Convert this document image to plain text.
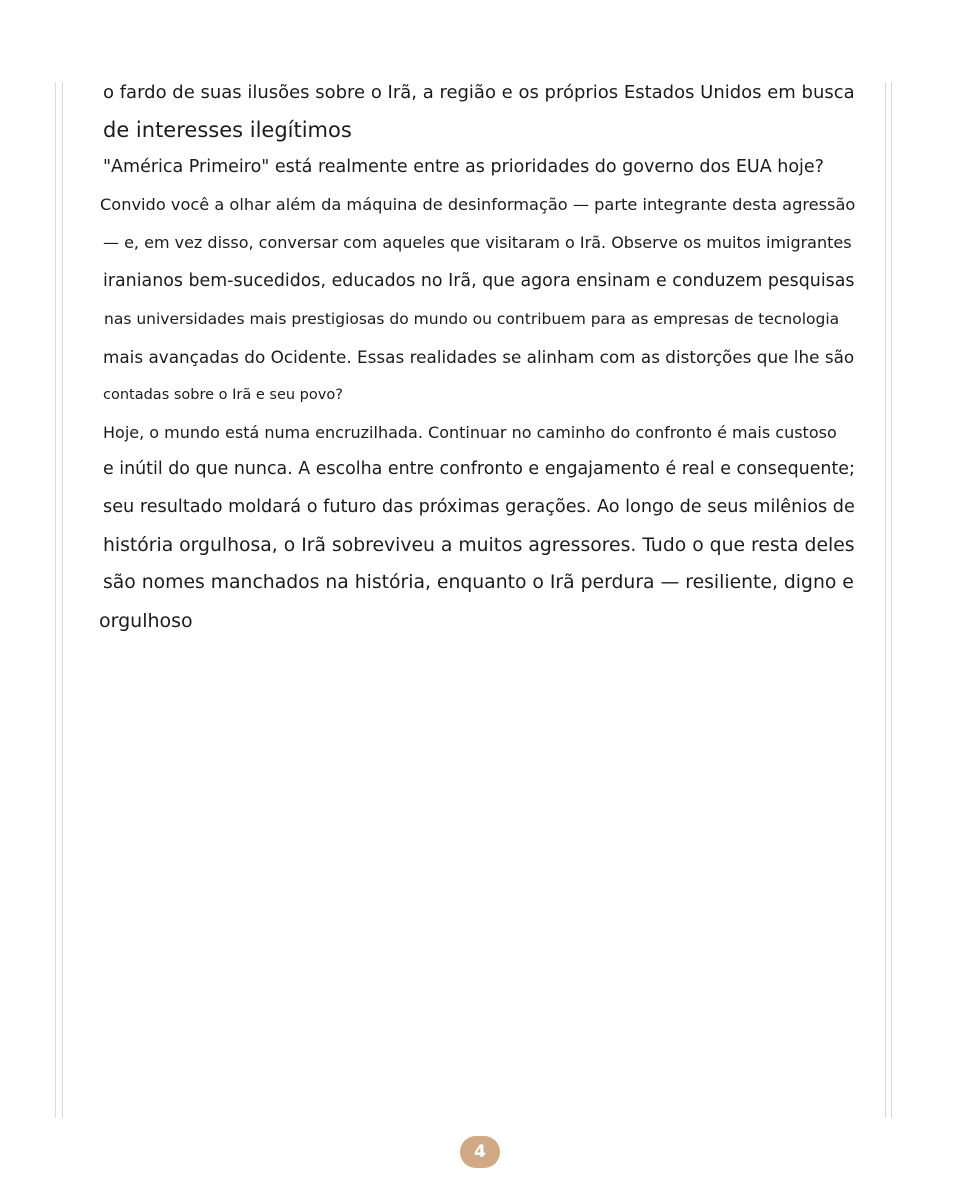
o fardo de suas ilusões sobre o Irã, a região e os próprios Estados Unidos em busca
de interesses ilegítimos
"América Primeiro" está realmente entre as prioridades do governo dos EUA hoje?
Convido você a olhar além da máquina de desinformação — parte integrante desta agressão
— e, em vez disso, conversar com aqueles que visitaram o Irã. Observe os muitos imigrantes
iranianos bem-sucedidos, educados no Irã, que agora ensinam e conduzem pesquisas
nas universidades mais prestigiosas do mundo ou contribuem para as empresas de tecnologia
mais avançadas do Ocidente. Essas realidades se alinham com as distorções que lhe são
contadas sobre o Irã e seu povo?
Hoje, o mundo está numa encruzilhada. Continuar no caminho do confronto é mais custoso
e inútil do que nunca. A escolha entre confronto e engajamento é real e consequente;
seu resultado moldará o futuro das próximas gerações. Ao longo de seus milênios de
história orgulhosa, o Irã sobreviveu a muitos agressores. Tudo o que resta deles
são nomes manchados na história, enquanto o Irã perdura — resiliente, digno e
orgulhoso
4
